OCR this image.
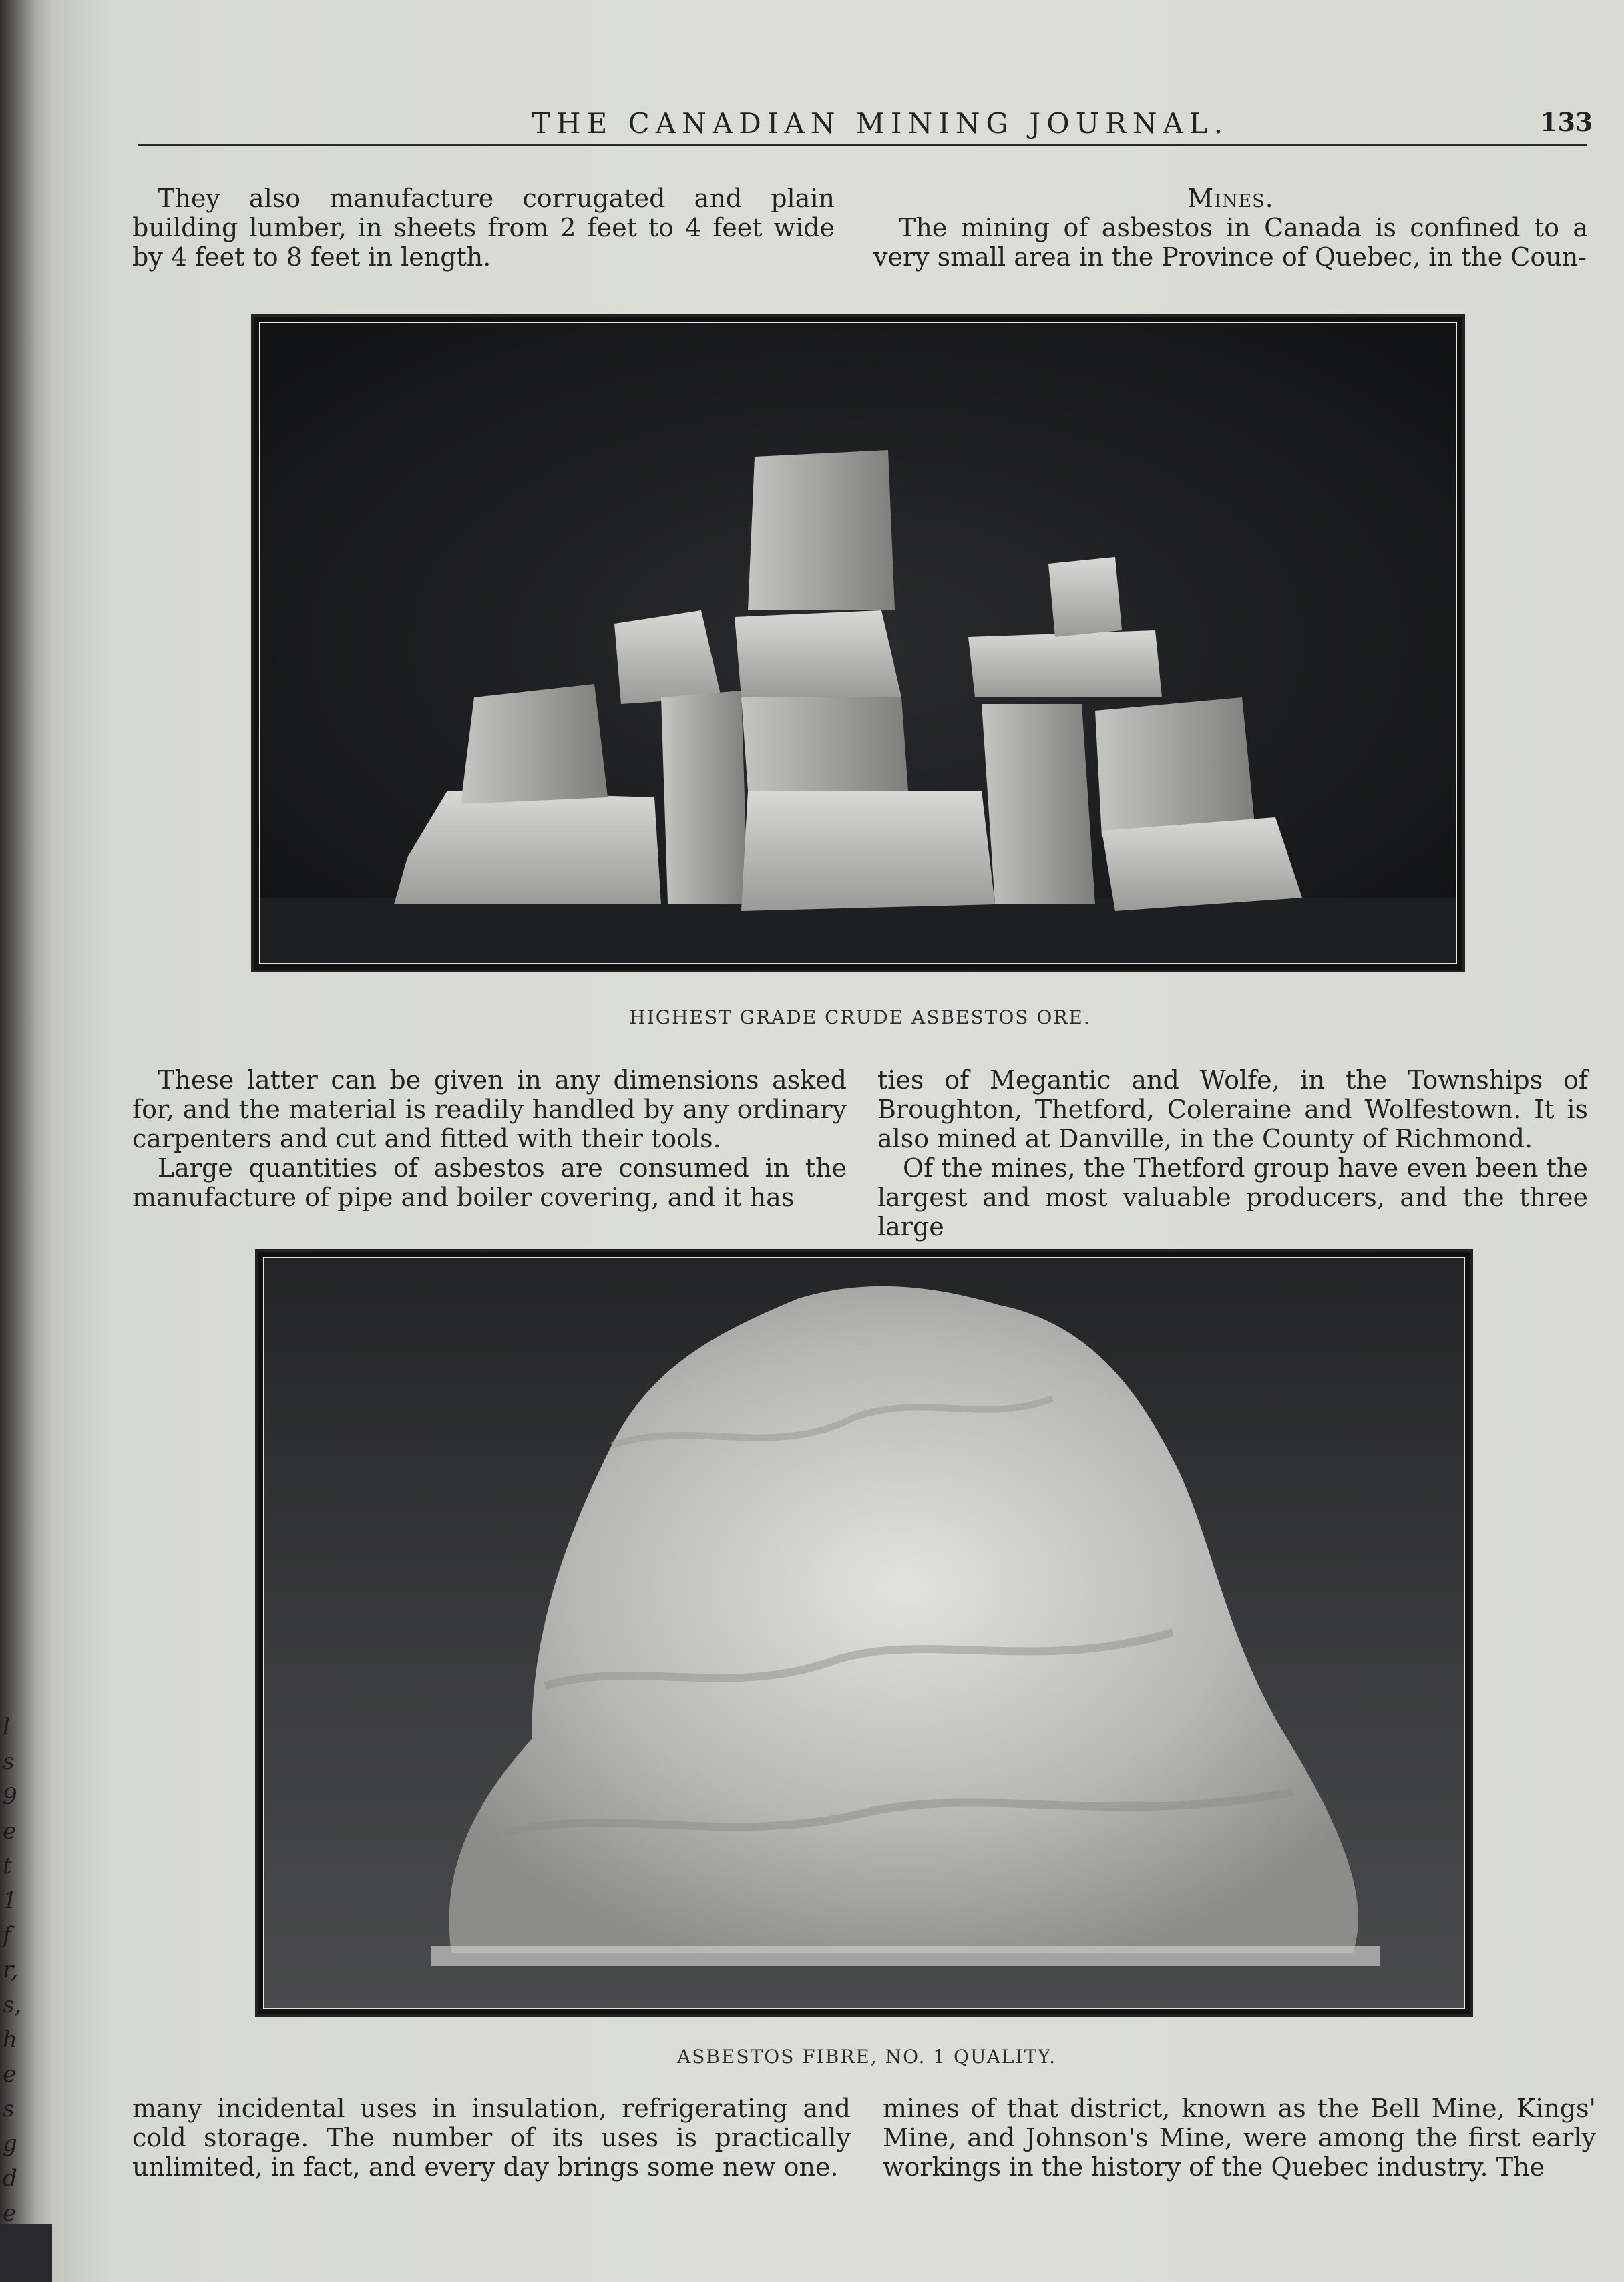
l
s
9
e
t
1
f
r,
s,
h
e
s
g
d
e
THE CANADIAN MINING JOURNAL.	133

They also manufacture corrugated and plain building lumber, in sheets from 2 feet to 4 feet wide by 4 feet to 8 feet in length.

Mines.

The mining of asbestos in Canada is confined to a very small area in the Province of Quebec, in the Coun-

HIGHEST GRADE CRUDE ASBESTOS ORE.

These latter can be given in any dimensions asked for, and the material is readily handled by any ordinary carpenters and cut and fitted with their tools.

Large quantities of asbestos are consumed in the manufacture of pipe and boiler covering, and it has

ties of Megantic and Wolfe, in the Townships of Broughton, Thetford, Coleraine and Wolfestown. It is also mined at Danville, in the County of Richmond.

Of the mines, the Thetford group have even been the largest and most valuable producers, and the three large

ASBESTOS FIBRE, NO. 1 QUALITY.

many incidental uses in insulation, refrigerating and cold storage. The number of its uses is practically unlimited, in fact, and every day brings some new one.

mines of that district, known as the Bell Mine, Kings' Mine, and Johnson's Mine, were among the first early workings in the history of the Quebec industry. The
